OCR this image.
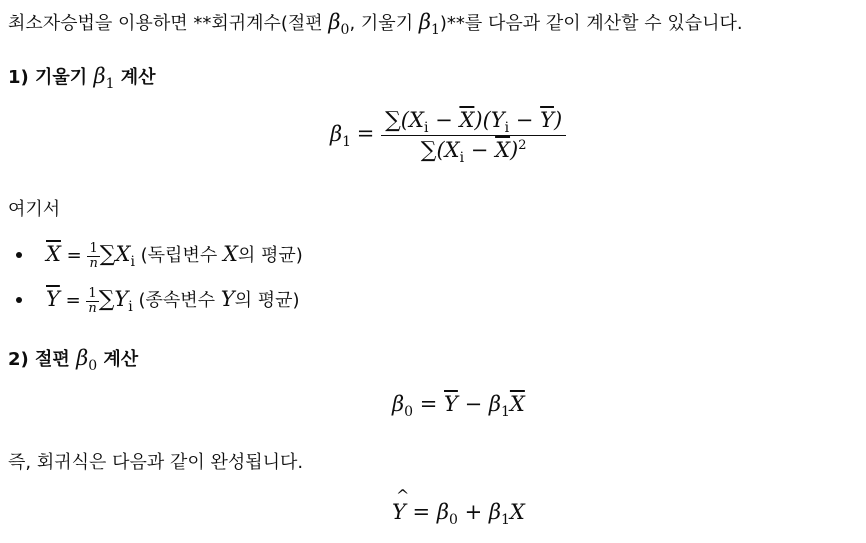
최소자승법을 이용하면 **회귀계수(절편 $\beta_0$, 기울기 $\beta_1)**$를 다음과 같이 계산할 수 있습니다.
1) 기울기 $\beta_1$ 계산
$\beta_1 = \frac{\sum(X_i - \overline{X})(Y_i - \overline{Y})}{\sum(X_i - \overline{X})^2}$
여기서
$\overline{X} = \frac{1}{n} \sum X_i$ (독립변수 X의 평균)
$\overline{Y} = \frac{1}{n} \sum Y_i$ (종속변수 Y의 평균)
2) 절편 $\beta_0$ 계산
$\beta_0 = \overline{Y} - \beta_1\overline{X}$
즉, 회귀식은 다음과 같이 완성됩니다.
^ $Y = \beta_0 + \beta_1X$
